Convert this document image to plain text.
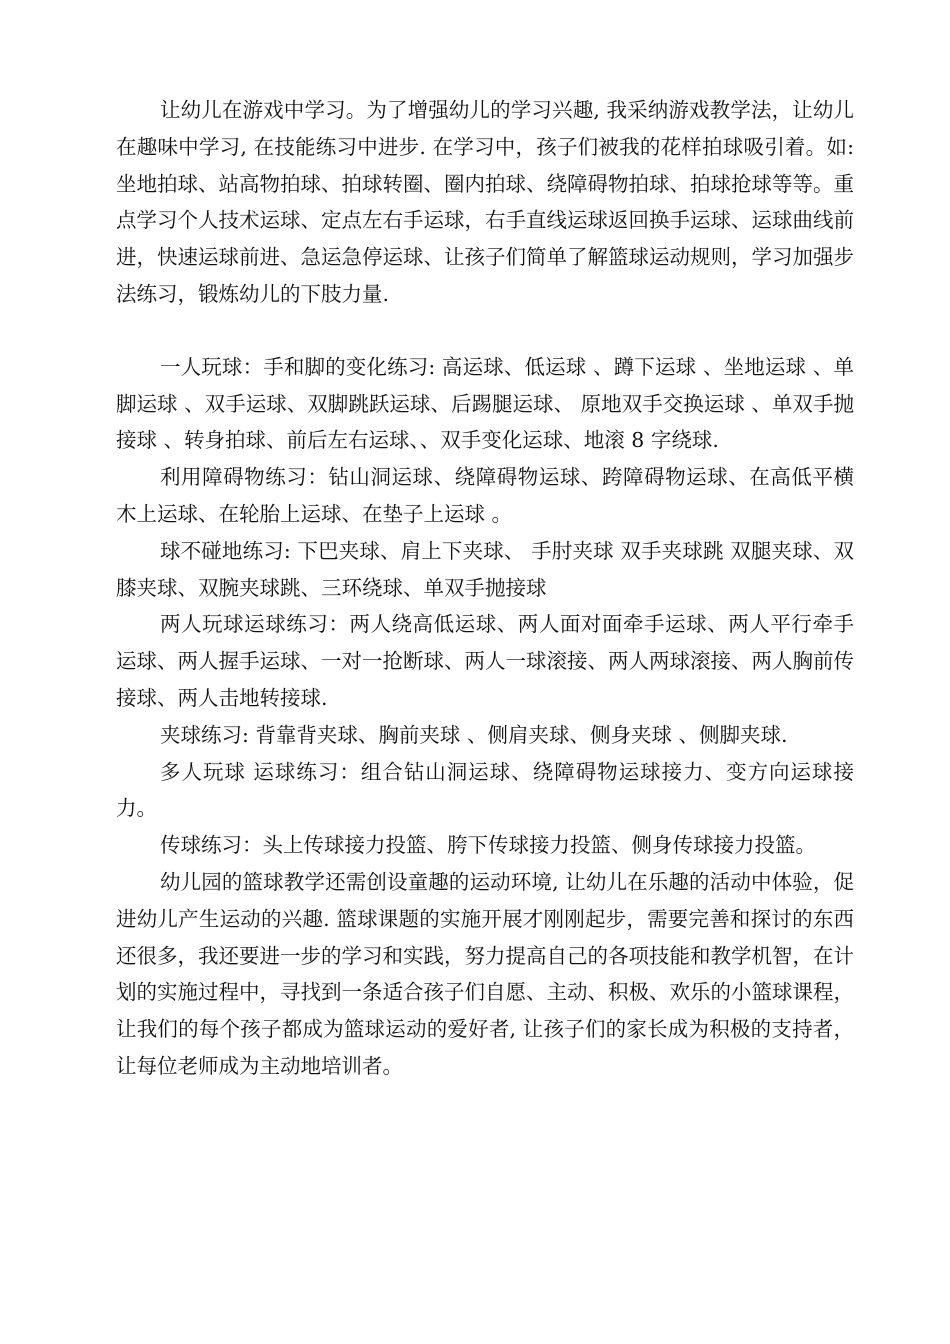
让幼儿在游戏中学习。为了增强幼儿的学习兴趣, 我采纳游戏教学法，让幼儿在趣味中学习, 在技能练习中进步. 在学习中，孩子们被我的花样拍球吸引着。如: 坐地拍球、站高物拍球、拍球转圈、圈内拍球、绕障碍物拍球、拍球抢球等等。重点学习个人技术运球、定点左右手运球，右手直线运球返回换手运球、运球曲线前进，快速运球前进、急运急停运球、让孩子们简单了解篮球运动规则，学习加强步法练习，锻炼幼儿的下肢力量.

一人玩球：手和脚的变化练习: 高运球、低运球 、蹲下运球 、坐地运球 、单脚运球 、双手运球、双脚跳跃运球、后踢腿运球、 原地双手交换运球 、单双手抛接球 、转身拍球、前后左右运球、、双手变化运球、地滚 8 字绕球.

利用障碍物练习：钻山洞运球、绕障碍物运球、跨障碍物运球、在高低平横木上运球、在轮胎上运球、在垫子上运球 。

球不碰地练习: 下巴夹球、肩上下夹球、 手肘夹球 双手夹球跳 双腿夹球、双膝夹球、双腕夹球跳、三环绕球、单双手抛接球

两人玩球运球练习：两人绕高低运球、两人面对面牵手运球、两人平行牵手运球、两人握手运球、一对一抢断球、两人一球滚接、两人两球滚接、两人胸前传接球、两人击地转接球.

夹球练习: 背靠背夹球、胸前夹球 、侧肩夹球、侧身夹球 、侧脚夹球.

多人玩球 运球练习：组合钻山洞运球、绕障碍物运球接力、变方向运球接力。

传球练习：头上传球接力投篮、胯下传球接力投篮、侧身传球接力投篮。

幼儿园的篮球教学还需创设童趣的运动环境, 让幼儿在乐趣的活动中体验，促进幼儿产生运动的兴趣. 篮球课题的实施开展才刚刚起步，需要完善和探讨的东西还很多，我还要进一步的学习和实践，努力提高自己的各项技能和教学机智，在计划的实施过程中，寻找到一条适合孩子们自愿、主动、积极、欢乐的小篮球课程，让我们的每个孩子都成为篮球运动的爱好者, 让孩子们的家长成为积极的支持者，让每位老师成为主动地培训者。
